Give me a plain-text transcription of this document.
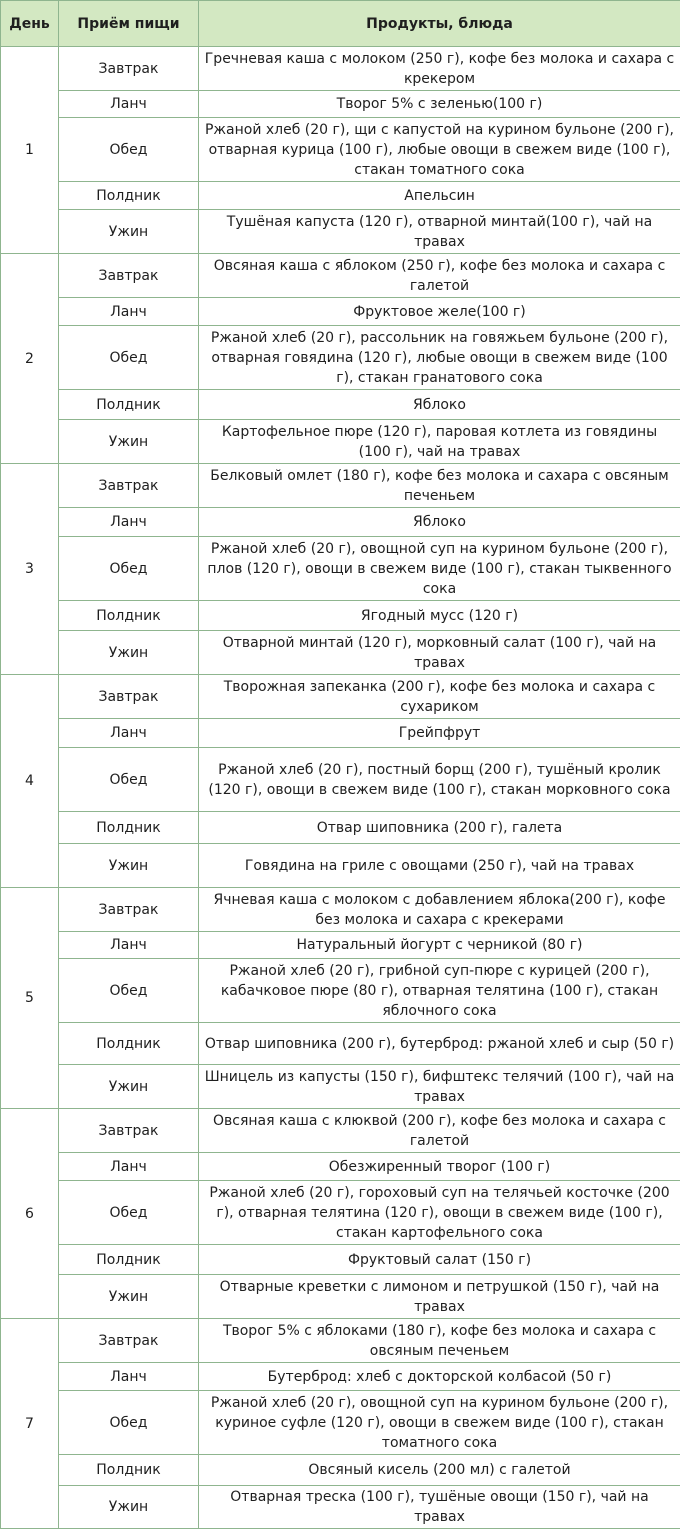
День	Приём пищи	Продукты, блюда
1	Завтрак	Гречневая каша с молоком (250 г), кофе без молока и сахара с крекером
	Ланч	Творог 5% с зеленью(100 г)
	Обед	Ржаной хлеб (20 г), щи с капустой на курином бульоне (200 г), отварная курица (100 г), любые овощи в свежем виде (100 г), стакан томатного сока
	Полдник	Апельсин
	Ужин	Тушёная капуста (120 г), отварной минтай(100 г), чай на травах
2	Завтрак	Овсяная каша с яблоком (250 г), кофе без молока и сахара с галетой
	Ланч	Фруктовое желе(100 г)
	Обед	Ржаной хлеб (20 г), рассольник на говяжьем бульоне (200 г), отварная говядина (120 г), любые овощи в свежем виде (100 г), стакан гранатового сока
	Полдник	Яблоко
	Ужин	Картофельное пюре (120 г), паровая котлета из говядины (100 г), чай на травах
3	Завтрак	Белковый омлет (180 г), кофе без молока и сахара с овсяным печеньем
	Ланч	Яблоко
	Обед	Ржаной хлеб (20 г), овощной суп на курином бульоне (200 г), плов (120 г), овощи в свежем виде (100 г), стакан тыквенного сока
	Полдник	Ягодный мусс (120 г)
	Ужин	Отварной минтай (120 г), морковный салат (100 г), чай на травах
4	Завтрак	Творожная запеканка (200 г), кофе без молока и сахара с сухариком
	Ланч	Грейпфрут
	Обед	Ржаной хлеб (20 г), постный борщ (200 г), тушёный кролик (120 г), овощи в свежем виде (100 г), стакан морковного сока
	Полдник	Отвар шиповника (200 г), галета
	Ужин	Говядина на гриле с овощами (250 г), чай на травах
5	Завтрак	Ячневая каша с молоком с добавлением яблока(200 г), кофе без молока и сахара с крекерами
	Ланч	Натуральный йогурт с черникой (80 г)
	Обед	Ржаной хлеб (20 г), грибной суп-пюре с курицей (200 г), кабачковое пюре (80 г), отварная телятина (100 г), стакан яблочного сока
	Полдник	Отвар шиповника (200 г), бутерброд: ржаной хлеб и сыр (50 г)
	Ужин	Шницель из капусты (150 г), бифштекс телячий (100 г), чай на травах
6	Завтрак	Овсяная каша с клюквой (200 г), кофе без молока и сахара с галетой
	Ланч	Обезжиренный творог (100 г)
	Обед	Ржаной хлеб (20 г), гороховый суп на телячьей косточке (200 г), отварная телятина (120 г), овощи в свежем виде (100 г), стакан картофельного сока
	Полдник	Фруктовый салат (150 г)
	Ужин	Отварные креветки с лимоном и петрушкой (150 г), чай на травах
7	Завтрак	Творог 5% с яблоками (180 г), кофе без молока и сахара с овсяным печеньем
	Ланч	Бутерброд: хлеб с докторской колбасой (50 г)
	Обед	Ржаной хлеб (20 г), овощной суп на курином бульоне (200 г), куриное суфле (120 г), овощи в свежем виде (100 г), стакан томатного сока
	Полдник	Овсяный кисель (200 мл) с галетой
	Ужин	Отварная треска (100 г), тушёные овощи (150 г), чай на травах
